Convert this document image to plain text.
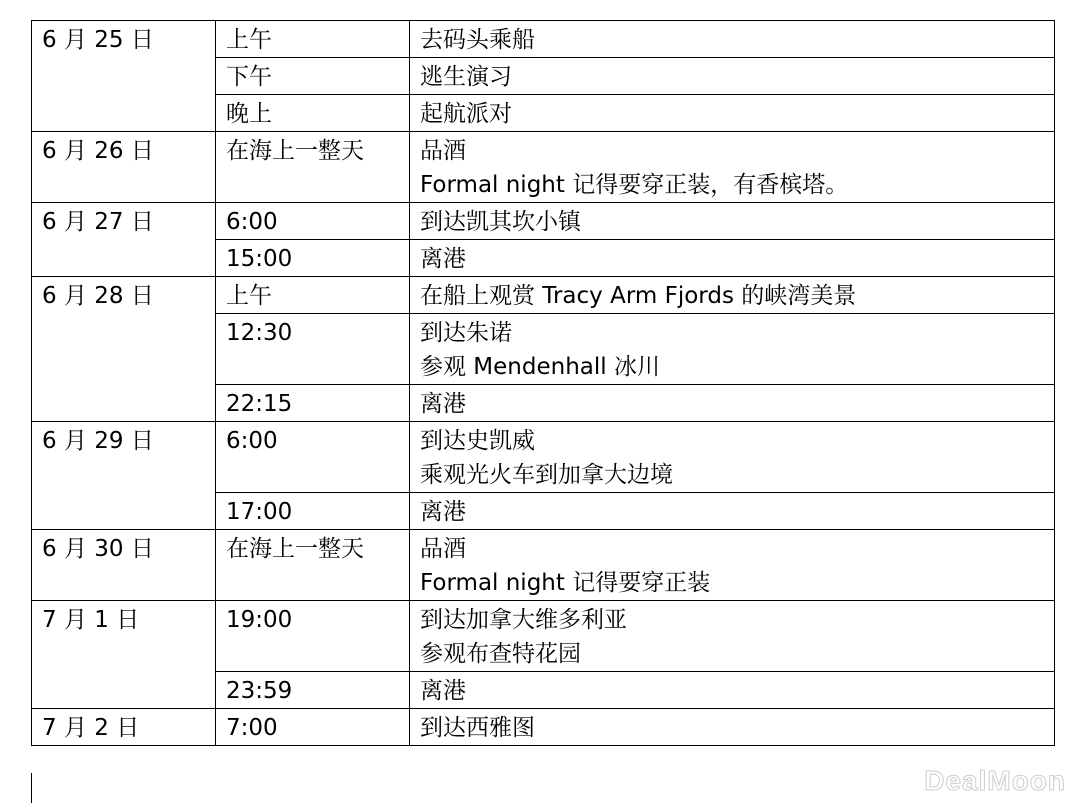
6 月 25 日	上午	去码头乘船

	下午	逃生演习

	晚上	起航派对

6 月 26 日	在海上一整天	品酒
Formal night 记得要穿正装，有香槟塔。

6 月 27 日	6:00	到达凯其坎小镇

	15:00	离港

6 月 28 日	上午	在船上观赏 Tracy Arm Fjords 的峡湾美景

	12:30	到达朱诺
参观 Mendenhall 冰川

	22:15	离港

6 月 29 日	6:00	到达史凯威
乘观光火车到加拿大边境

	17:00	离港

6 月 30 日	在海上一整天	品酒
Formal night 记得要穿正装

7 月 1 日	19:00	到达加拿大维多利亚
参观布查特花园

	23:59	离港

7 月 2 日	7:00	到达西雅图
DealMoon
